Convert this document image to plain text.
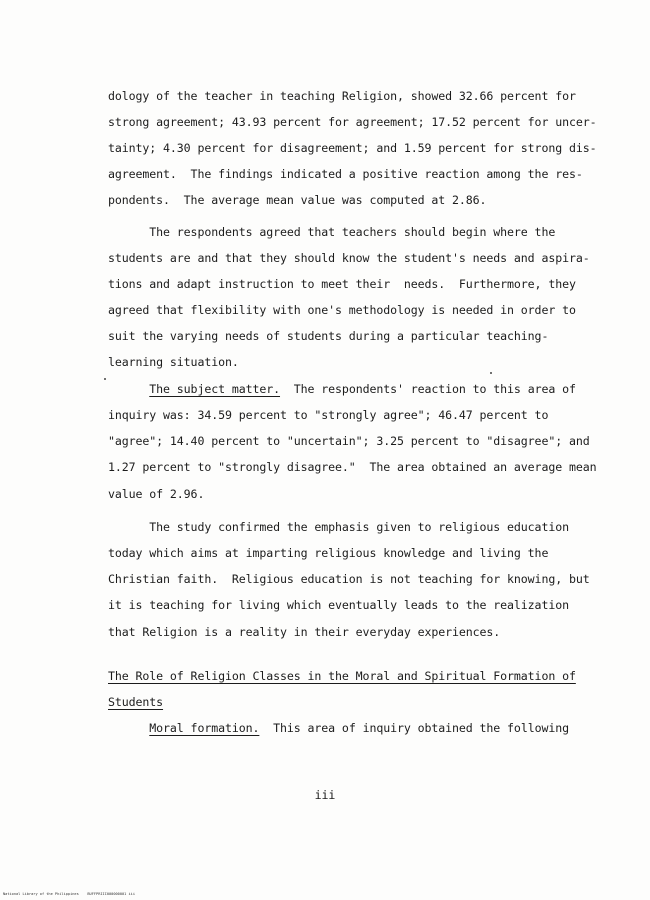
dology of the teacher in teaching Religion, showed 32.66 percent for
strong agreement; 43.93 percent for agreement; 17.52 percent for uncer-
tainty; 4.30 percent for disagreement; and 1.59 percent for strong dis-
agreement.  The findings indicated a positive reaction among the res-
pondents.  The average mean value was computed at 2.86.
The respondents agreed that teachers should begin where the
students are and that they should know the student's needs and aspira-
tions and adapt instruction to meet their  needs.  Furthermore, they
agreed that flexibility with one's methodology is needed in order to
suit the varying needs of students during a particular teaching-
learning situation.
The subject matter.  The respondents' reaction to this area of
inquiry was: 34.59 percent to "strongly agree"; 46.47 percent to
"agree"; 14.40 percent to "uncertain"; 3.25 percent to "disagree"; and
1.27 percent to "strongly disagree."  The area obtained an average mean
value of 2.96.
The study confirmed the emphasis given to religious education
today which aims at imparting religious knowledge and living the
Christian faith.  Religious education is not teaching for knowing, but
it is teaching for living which eventually leads to the realization
that Religion is a reality in their everyday experiences.
The Role of Religion Classes in the Moral and Spiritual Formation of
Students
Moral formation.  This area of inquiry obtained the following
iii
National Library of the Philippines    BUFFPRIII000000001 iii
